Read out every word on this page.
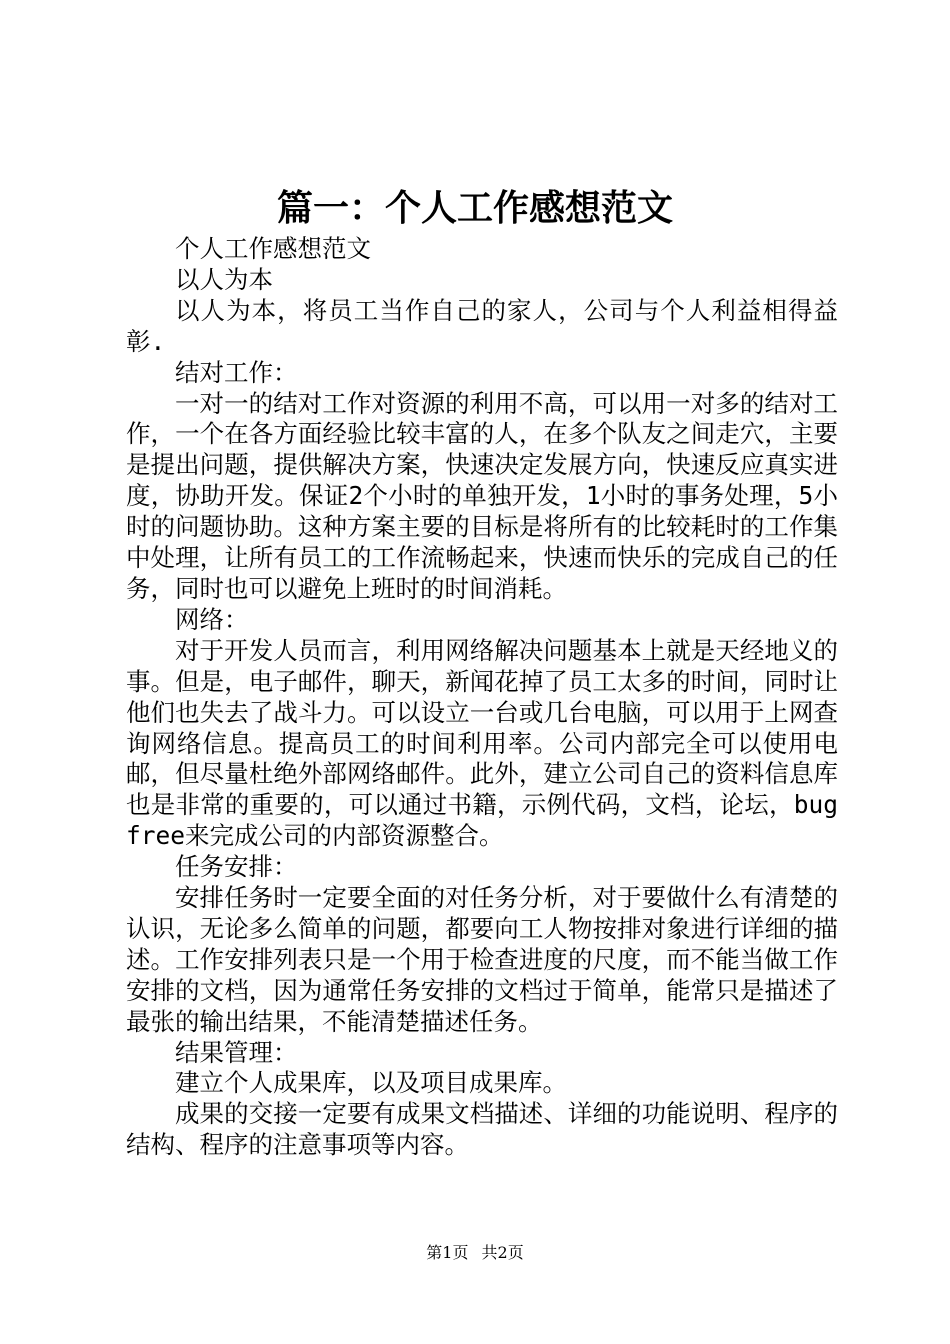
篇一：个人工作感想范文

个人工作感想范文

以人为本

以人为本，将员工当作自己的家人，公司与个人利益相得益彰.

结对工作：

一对一的结对工作对资源的利用不高，可以用一对多的结对工作，一个在各方面经验比较丰富的人，在多个队友之间走穴，主要是提出问题，提供解决方案，快速决定发展方向，快速反应真实进度，协助开发。保证2个小时的单独开发，1小时的事务处理，5小时的问题协助。这种方案主要的目标是将所有的比较耗时的工作集中处理，让所有员工的工作流畅起来，快速而快乐的完成自己的任务，同时也可以避免上班时的时间消耗。

网络：

对于开发人员而言，利用网络解决问题基本上就是天经地义的事。但是，电子邮件，聊天，新闻花掉了员工太多的时间，同时让他们也失去了战斗力。可以设立一台或几台电脑，可以用于上网查询网络信息。提高员工的时间利用率。公司内部完全可以使用电邮，但尽量杜绝外部网络邮件。此外，建立公司自己的资料信息库也是非常的重要的，可以通过书籍，示例代码，文档，论坛，bugfree来完成公司的内部资源整合。

任务安排：

安排任务时一定要全面的对任务分析，对于要做什么有清楚的认识，无论多么简单的问题，都要向工人物按排对象进行详细的描述。工作安排列表只是一个用于检查进度的尺度，而不能当做工作安排的文档，因为通常任务安排的文档过于简单，能常只是描述了最张的输出结果，不能清楚描述任务。

结果管理：

建立个人成果库，以及项目成果库。

成果的交接一定要有成果文档描述、详细的功能说明、程序的结构、程序的注意事项等内容。

第1页 共2页
